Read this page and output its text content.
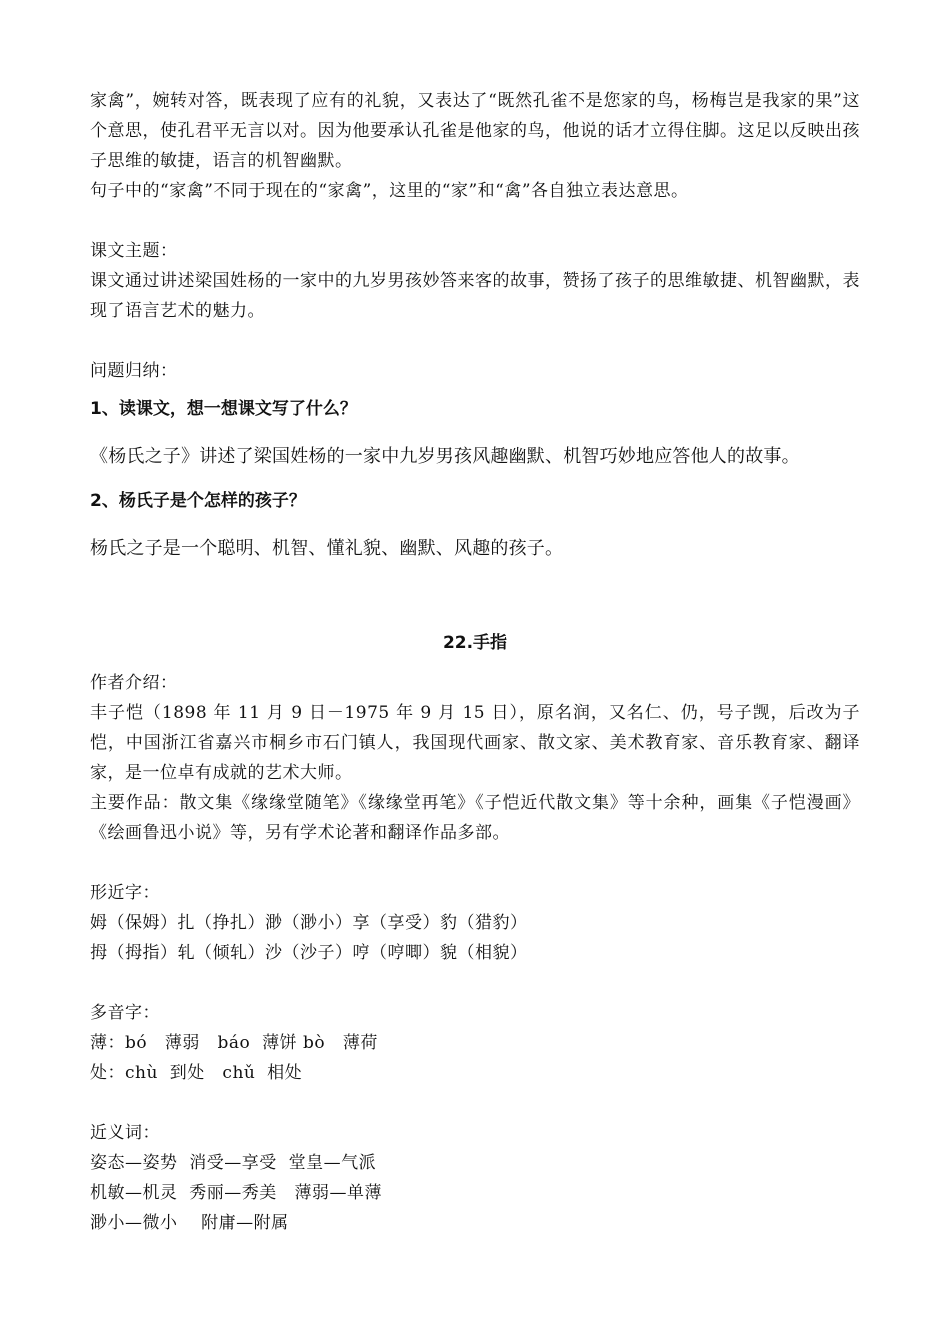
家禽”，婉转对答，既表现了应有的礼貌，又表达了“既然孔雀不是您家的鸟，杨梅岂是我家的果”这个意思，使孔君平无言以对。因为他要承认孔雀是他家的鸟，他说的话才立得住脚。这足以反映出孩子思维的敏捷，语言的机智幽默。

句子中的“家禽”不同于现在的“家禽”，这里的“家”和“禽”各自独立表达意思。

课文主题：

课文通过讲述梁国姓杨的一家中的九岁男孩妙答来客的故事，赞扬了孩子的思维敏捷、机智幽默，表现了语言艺术的魅力。

问题归纳：

1、读课文，想一想课文写了什么？

《杨氏之子》讲述了梁国姓杨的一家中九岁男孩风趣幽默、机智巧妙地应答他人的故事。

2、杨氏子是个怎样的孩子？

杨氏之子是一个聪明、机智、懂礼貌、幽默、风趣的孩子。

22.手指

作者介绍：

丰子恺（1898 年 11 月 9 日－1975 年 9 月 15 日），原名润，又名仁、仍，号子觊，后改为子恺，中国浙江省嘉兴市桐乡市石门镇人，我国现代画家、散文家、美术教育家、音乐教育家、翻译家，是一位卓有成就的艺术大师。

主要作品：散文集《缘缘堂随笔》《缘缘堂再笔》《子恺近代散文集》等十余种，画集《子恺漫画》《绘画鲁迅小说》等，另有学术论著和翻译作品多部。

形近字：

姆（保姆）扎（挣扎）渺（渺小）享（享受）豹（猎豹）

拇（拇指）轧（倾轧）沙（沙子）哼（哼唧）貌（相貌）

多音字：

薄：bó   薄弱   báo  薄饼 bò   薄荷

处：chù  到处   chǔ  相处

近义词：

姿态—姿势  消受—享受  堂皇—气派

机敏—机灵  秀丽—秀美   薄弱—单薄

渺小—微小    附庸—附属
